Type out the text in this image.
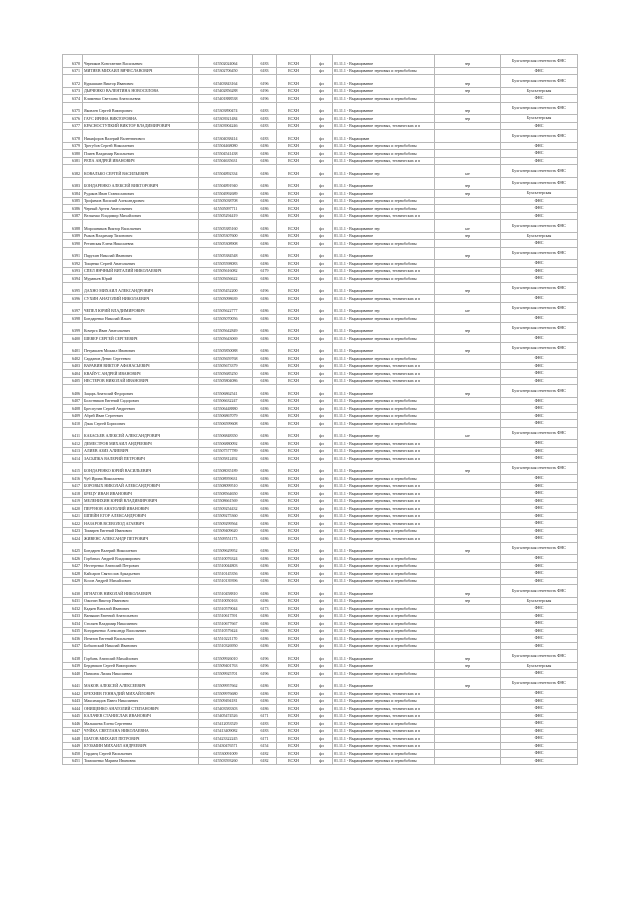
6370	Черников Константин Васильевич	615502024064	6183	ЕСХН	фл	01.11.1 - Выращивание	зер	Бухгалтерская отчетность ФНС
6371	МИТЯЕВ МИХАИЛ ВЯЧЕСЛАВОВИЧ	615302706450	6183	ЕСХН	фл	01.11.1 - Выращивание зерновых и зернобобовы		ФНС
6372	Курышкин Виктор Иванович	615403843164	6196	ЕСХН	фл	01.11.1 - Выращивание	зер	Бухгалтерская отчетность ФНС
6373	ДЬЯЧЕНКО ВАЛЕНТИНА НОВОСЕЛОВА	615402856288	6196	ЕСХН	фл	01.11.1 - Выращивание	зер	Бухгалтерская
6374	Клименко Светлана Анатольевна	615401888538	6196	ЕСХН	фл	01.11.1 - Выращивание зерновых и зернобобовы		ФНС
6375	Яковлев Сергей Викторович	615303890474	6183	ЕСХН	фл	01.11.1 - Выращивание	зер	Бухгалтерская отчетность ФНС
6376	ГАУС ИРИНА ВИКТОРОВНА	615303921484	6183	ЕСХН	фл	01.11.1 - Выращивание	зер	Бухгалтерская
6377	КРАСНОСТУПКИЙ ВИКТОР ВЛАДИМИРОВИЧ	615303904246	6183	ЕСХН	фл	01.11.1 - Выращивание зерновых, технических и п		ФНС
6378	Никифоров Валерий Валентинович	615304038414	6183	ЕСХН	фл	01.11.1 - Выращиван		Бухгалтерская отчетность ФНС
6379	Трегубов Сергей Николаевич	615504468080	6186	ЕСХН	фл	01.11.1 - Выращивание зерновых и зернобобовы		ФНС
6380	Плиев Владимир Васильевич	615504541438	6186	ЕСХН	фл	01.11.1 - Выращивание зерновых и зернобобовы		ФНС
6381	РЕПА АНДРЕЙ ИВАНОВИЧ	615504635631	6186	ЕСХН	фл	01.11.1 - Выращивание зерновых, технических и п		ФНС
6382	КОВАЛЬКО СЕРГЕЙ ВАСИЛЬЕВИЧ	615504892334	6186	ЕСХН	фл	01.11.1 - Выращивание зер	ые	Бухгалтерская отчетность ФНС
6383	БОНДАРЕНКО АЛЕКСЕЙ ВИКТОРОВИЧ	615504891940	6186	ЕСХН	фл	01.11.1 - Выращивание	зер	Бухгалтерская отчетность ФНС
6384	Рудаков Иван Станиславович	615504992689	6186	ЕСХН	фл	01.11.1 - Выращивание	зер	Бухгалтерская
6385	Трофимов Василий Александрович	615505038708	6186	ЕСХН	фл	01.11.1 - Выращивание зерновых и зернобобовы		ФНС
6386	Черный Артем Анатольевич	615505097711	6186	ЕСХН	фл	01.11.1 - Выращивание зерновых и зернобобовы		ФНС
6387	Вельичко Владимир Михайлович	615505294419	6186	ЕСХН	фл	01.11.1 - Выращивание зерновых, технических и п		ФНС
6388	Мирошников Виктор Васильевич	615505385160	6186	ЕСХН	фл	01.11.1 - Выращивание зер	ые	Бухгалтерская отчетность ФНС
6389	Рыков Владимир Тихонович	615505307600	6186	ЕСХН	фл	01.11.1 - Выращивание	зер	Бухгалтерская
6390	Ретинская Елена Николаевна	615505308908	6186	ЕСХН	фл	01.11.1 - Выращивание зерновых и зернобобовы		ФНС
6391	Парухин Николай Иванович	615505384548	6186	ЕСХН	фл	01.11.1 - Выращивание	зер	Бухгалтерская отчетность ФНС
6392	Тищенко Сергей Анатольевич	615505598083	6186	ЕСХН	фл	01.11.1 - Выращивание зерновых и зернобобовы		ФНС
6393	СПЕЛ ЯНЧНЫЙ ВИТАЛИЙ НИКОЛАЕВИЧ	615505616082	6179	ЕСХН	фл	01.11.1 - Выращивание зерновых, технических и п		ФНС
6394	Муравьев Юрий	615505656622	6186	ЕСХН	фл	01.11.1 - Выращивание зерновых и зернобобовы		ФНС
6395	ДАХНО МИХАИЛ АЛЕКСАНДРОВИЧ	615505452200	6196	ЕСХН	фл	01.11.1 - Выращивание	зер	Бухгалтерская отчетность ФНС
6396	СУХИН АНАТОЛИЙ НИКОЛАЕВИЧ	615505098639	6186	ЕСХН	фл	01.11.1 - Выращивание зерновых, технических и п		ФНС
6397	ЧЕПЕЛ ЮРИЙ ВЛАДИМИРОВИЧ	615505622777	6186	ЕСХН	фл	01.11.1 - Выращивание зер	ые	Бухгалтерская отчетность ФНС
6398	Бондаренко Николай Ильич	615505070056	6186	ЕСХН	фл	01.11.1 - Выращивание зерновых и зернобобовы		ФНС
6399	Кочерга Иван Анатольевич	615505642849	6186	ЕСХН	фл	01.11.1 - Выращивание	зер	Бухгалтерская отчетность ФНС
6400	ШЕВЕР СЕРГЕЙ СЕРГЕЕВИЧ	615505643069	6186	ЕСХН	фл	01.11.1 - Выращивание зерновых и зернобобовы		ФНС
6401	Петрашаев Михаил Иванович	615505850088	6186	ЕСХН	фл	01.11.1 - Выращивание	зер	Бухгалтерская отчетность ФНС
6402	Сарданов Денис Сергеевич	615505659768	6186	ЕСХН	фл	01.11.1 - Выращивание зерновых и зернобобовы		ФНС
6403	ВАРАВИН ВИКТОР АФАНАСЬЕВИЧ	615505673379	6186	ЕСХН	фл	01.11.1 - Выращивание зерновых, технических и п		ФНС
6404	КВАЙУС АНДРЕЙ ИВАНОВИЧ	615505685250	6186	ЕСХН	фл	01.11.1 - Выращивание зерновых, технических и п		ФНС
6405	НЕСТЕРОВ НИКОЛАЙ ИВАНОВИЧ	615505804086	6186	ЕСХН	фл	01.11.1 - Выращивание зерновых, технических и п		ФНС
6406	Зацарь Анатолий Федорович	615506862541	6186	ЕСХН	фл	01.11.1 - Выращивание	зер	Бухгалтерская отчетность ФНС
6407	Болотников Евгений Сидорович	615506632247	6186	ЕСХН	фл	01.11.1 - Выращивание зерновых и зернобобовы		ФНС
6408	Бреспутин Сергей Андреевич	615506448880	6186	ЕСХН	фл	01.11.1 - Выращивание зерновых и зернобобовы		ФНС
6409	Абрей Иван Сергеевич	615506867079	6186	ЕСХН	фл	01.11.1 - Выращивание зерновых и зернобобовы		ФНС
6410	Дзык Сергей Борисович	615506599608	6186	ЕСХН	фл	01.11.1 - Выращивание зерновых и зернобобовы		ФНС
6411	КАБАСЬЕВ АЛЕКСЕЙ АЛЕКСАНДРОВИЧ	615506848350	6186	ЕСХН	фл	01.11.1 - Выращивание зер	ые	Бухгалтерская отчетность ФНС
6412	ДЕМЕСТРОВ МИХАИЛ АНДРЕЕВИЧ	615506880092	6186	ЕСХН	фл	01.11.1 - Выращивание зерновых, технических и п		ФНС
6413	АЛИЕВ АЗИЗ АЛИЕВИЧ	615507577789	6186	ЕСХН	фл	01.11.1 - Выращивание зерновых, технических и п		ФНС
6414	ЗАСЫПКА ВАЛЕРИЙ ПЕТРОВИЧ	615505812492	6186	ЕСХН	фл	01.11.1 - Выращивание зерновых, технических и п		ФНС
6415	БОНДАРЕНКО ЮРИЙ ВАСИЛЬЕВИЧ	615508035189	6186	ЕСХН	фл	01.11.1 - Выращивание	зер	Бухгалтерская отчетность ФНС
6416	Чуб Ирина Николаевна	615508959631	6186	ЕСХН	фл	01.11.1 - Выращивание зерновых и зернобобовы		ФНС
6417	БОРОВЫХ НИКОЛАЙ АЛЕКСАНДРОВИЧ	615508099510	6186	ЕСХН	фл	01.11.1 - Выращивание зерновых, технических и п		ФНС
6418	БРЕЦУ ИВАН ИВАНОВИЧ	615508564650	6186	ЕСХН	фл	01.11.1 - Выращивание зерновых, технических и п		ФНС
6419	МЕЛЕНИХИН ЮРИЙ ВЛАДИМИРОВИЧ	615508661569	6186	ЕСХН	фл	01.11.1 - Выращивание зерновых, технических и п		ФНС
6420	ПЕРУНОВ АНАТОЛИЙ ИВАНОВИЧ	615509254432	6186	ЕСХН	фл	01.11.1 - Выращивание зерновых, технических и п		ФНС
6421	ШПЕЙН ЕГОР АЛЕКСАНДРОВИЧ	615509275360	6186	ЕСХН	фл	01.11.1 - Выращивание зерновых, технических и п		ФНС
6422	НАЗАРОВ ВСЕВОЛОД АГАЕВИЧ	615509299564	6186	ЕСХН	фл	01.11.1 - Выращивание зерновых, технических и п		ФНС
6423	Тимирев Евгений Иванович	615509409620	6186	ЕСХН	фл	01.11.1 - Выращивание зерновых и зернобобовы		ФНС
6424	ЖИВЕНС АЛЕКСАНДР ПЕТРОВИЧ	615509551173	6186	ЕСХН	фл	01.11.1 - Выращивание зерновых, технических и п		ФНС
6425	Бондарев Валерий Николаевич	615509629952	6186	ЕСХН	фл	01.11.1 - Выращивание	зер	Бухгалтерская отчетность ФНС
6426	Горбатых Андрей Владимирович	615510076324	6186	ЕСХН	фл	01.11.1 - Выращивание зерновых и зернобобовы		ФНС
6427	Нестеренко Анатолий Петрович	615510044803	6186	ЕСХН	фл	01.11.1 - Выращивание зерновых и зернобобовы		ФНС
6428	Кайсаров Святослав Аркадьевич	615510145356	6186	ЕСХН	фл	01.11.1 - Выращивание зерновых и зернобобовы		ФНС
6429	Косов Андрей Михайлович	615510139396	6186	ЕСХН	фл	01.11.1 - Выращивание зерновых и зернобобовы		ФНС
6430	ИГНАТОВ НИКОЛАЙ НИКОЛАЕВИЧ	615510458810	6186	ЕСХН	фл	01.11.1 - Выращивание	зер	Бухгалтерская отчетность ФНС
6431	Ожогин Виктор Иванович	615510050163	6186	ЕСХН	фл	01.11.1 - Выращивание	зер	Бухгалтерская
6432	Кадяев Виталий Иванович	615510579044	6173	ЕСХН	фл	01.11.1 - Выращивание зерновых и зернобобовы		ФНС
6433	Ваныкин Евгений Анатольевич	615510617591	6186	ЕСХН	фл	01.11.1 - Выращивание зерновых и зернобобовы		ФНС
6434	Столяев Владимир Николаевич	615510677667	6186	ЕСХН	фл	01.11.1 - Выращивание зерновых и зернобобовы		ФНС
6435	Кондраченко Александр Васильевич	615510579424	6186	ЕСХН	фл	01.11.1 - Выращивание зерновых и зернобобовы		ФНС
6436	Игнатов Евгений Васильевич	615510221170	6186	ЕСХН	фл	01.11.1 - Выращивание зерновых и зернобобовы		ФНС
6437	Бобковский Николай Иванович	615510326950	6186	ЕСХН	фл	01.11.1 - Выращивание зерновых и зернобобовы		ФНС
6438	Горбань Анатолий Михайлович	615509926010	6196	ЕСХН	фл	01.11.1 - Выращивание	зер	Бухгалтерская отчетность ФНС
6439	Бердников Сергей Викторович	615509401763	6196	ЕСХН	фл	01.11.1 - Выращивание	зер	Бухгалтерская
6440	Панасюк Лилия Николаевна	615509925701	6196	ЕСХН	фл	01.11.1 - Выращивание зерновых и зернобобовы		ФНС
6441	МАКОВ АЛЕКСЕЙ АЛЕКСЕЕВИЧ	615509957662	6186	ЕСХН	фл	01.11.1 - Выращивание	зер	Бухгалтерская отчетность ФНС
6442	БРЕХНЕВ ГЕННАДИЙ МИХАЙЛОВИЧ	615509976680	6186	ЕСХН	фл	01.11.1 - Выращивание зерновых, технических и п		ФНС
6443	Максимидов Павел Николаевич	615509494181	6186	ЕСХН	фл	01.11.1 - Выращивание зерновых и зернобобовы		ФНС
6444	ОНИЩЕНКО АНАТОЛИЙ СТЕПАНОВИЧ	615403583303	6186	ЕСХН	фл	01.11.1 - Выращивание зерновых, технических и п		ФНС
6445	КАЛАЧЕВ СТАНИСЛАВ ИВАНОВИЧ	615405474526	6171	ЕСХН	фл	01.11.1 - Выращивание зерновых, технических и п		ФНС
6446	Малышева Елена Сергеевна	615412053529	6183	ЕСХН	фл	01.11.1 - Выращивание зерновых и зернобобовы		ФНС
6447	ЧУЙКА СВЕТЛАНА НИКОЛАЕВНА	615413409082	6183	ЕСХН	фл	01.11.1 - Выращивание зерновых, технических и п		ФНС
6448	ШАТОВ МИХАИЛ ПЕТРОВИЧ	615423322245	6171	ЕСХН	фл	01.11.1 - Выращивание зерновых, технических и п		ФНС
6449	КУЗЬМИН МИХАИЛ АНДРЕЕВИЧ	615430476571	6154	ЕСХН	фл	01.11.1 - Выращивание зерновых, технических и п		ФНС
6450	Гордиец Сергей Васильевич	615530091009	6182	ЕСХН	фл	01.11.1 - Выращивание зерновых и зернобобовы		ФНС
6451	Тимошенко Марина Ивановна	615503593260	6182	ЕСХН	фл	01.11.1 - Выращивание зерновых и зернобобовы		ФНС
